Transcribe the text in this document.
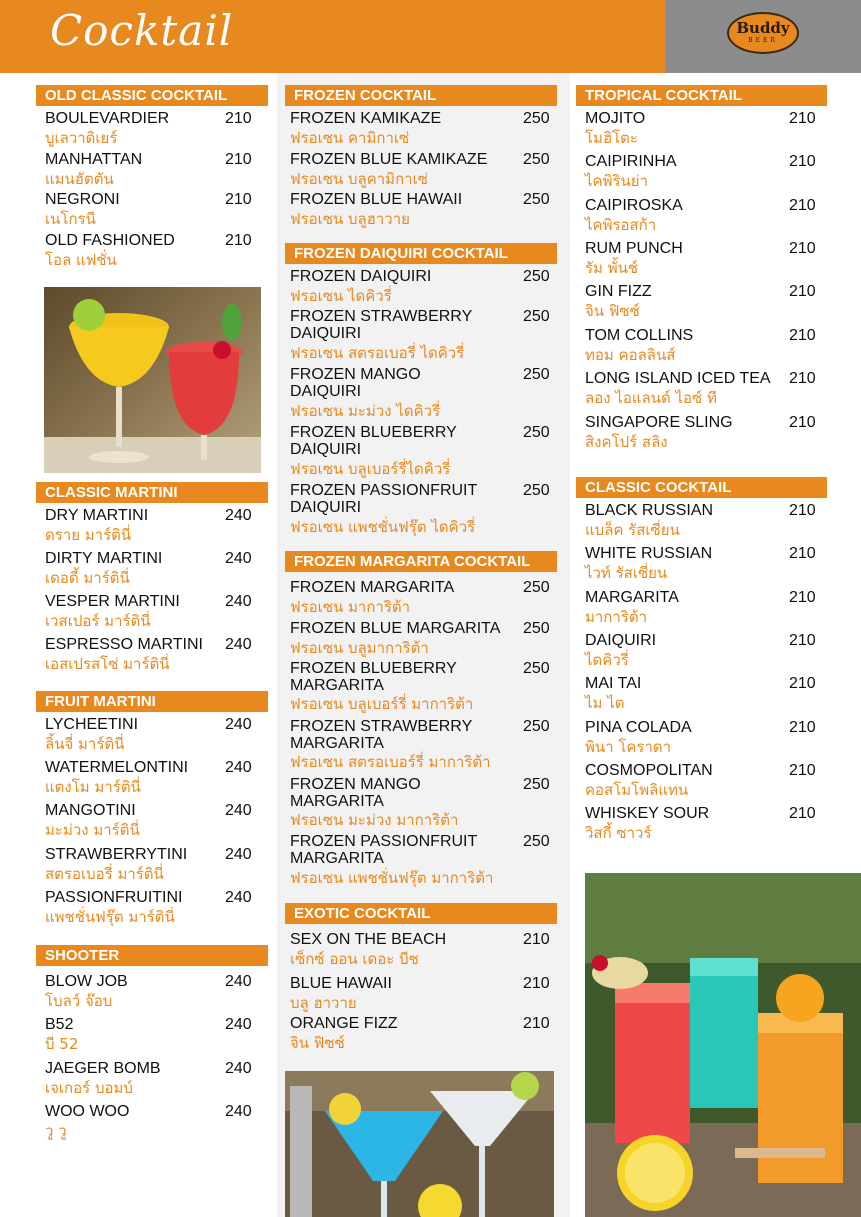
Cocktail	Buddy
BEER
OLD CLASSIC COCKTAIL
BOULEVARDIER	210
บูเลวาดิเยร์
MANHATTAN	210
แมนฮัตตัน
NEGRONI	210
เนโกรนี
OLD FASHIONED	210
โอล แฟชั่น
CLASSIC MARTINI
DRY MARTINI	240
ดราย มาร์ตินี่
DIRTY MARTINI	240
เดอตี้ มาร์ตินี่
VESPER MARTINI	240
เวสเปอร์ มาร์ตินี่
ESPRESSO MARTINI 240
เอสเปรสโซ่ มาร์ตินี่
FRUIT MARTINI
LYCHEETINI	240
ลิ้นจี่ มาร์ตินี่
WATERMELONTINI 240
แตงโม มาร์ตินี่
MANGOTINI	240
มะม่วง มาร์ตินี่
STRAWBERRYTINI 240
สตรอเบอรี่ มาร์ตินี่
PASSIONFRUITINI	240
แพชชั่นฟรุ๊ต มาร์ตินี่
SHOOTER
BLOW JOB	240
โบลว์ จ๊อบ
B52	240
บี 52
JAEGER BOMB	240
เจเกอร์ บอมบ์
WOO WOO	240
วู วู
FROZEN COCKTAIL
FROZEN KAMIKAZE	250
ฟรอเซน คามิกาเซ่
FROZEN BLUE KAMIKAZE 250
ฟรอเซน บลูคามิกาเซ่
FROZEN BLUE HAWAII	250
ฟรอเซน บลูฮาวาย
FROZEN DAIQUIRI COCKTAIL
FROZEN DAIQUIRI	250
ฟรอเซน ไดคิวรี่
FROZEN STRAWBERRY
DAIQUIRI
250
ฟรอเซน สตรอเบอรี่ ไดคิวรี่
FROZEN MANGO
DAIQUIRI
250
ฟรอเซน มะม่วง ไดคิวรี่
FROZEN BLUEBERRY
DAIQUIRI
250
ฟรอเซน บลูเบอร์รี่ไดคิวรี่
FROZEN PASSIONFRUIT
DAIQUIRI
250
ฟรอเซน แพชชั่นฟรุ๊ต ไดคิวรี่
FROZEN MARGARITA COCKTAIL
FROZEN MARGARITA	250
ฟรอเซน มาการิต้า
FROZEN BLUE MARGARITA 250
ฟรอเซน บลูมาการิต้า
FROZEN BLUEBERRY
MARGARITA
250
ฟรอเซน บลูเบอร์รี่ มาการิต้า
FROZEN STRAWBERRY
MARGARITA
250
ฟรอเซน สตรอเบอร์รี่ มาการิต้า
FROZEN MANGO
MARGARITA
250
ฟรอเซน มะม่วง มาการิต้า
FROZEN PASSIONFRUIT
MARGARITA
250
ฟรอเซน แพชชั่นฟรุ๊ต มาการิต้า
EXOTIC COCKTAIL
SEX ON THE BEACH	210
เซ็กซ์ ออน เดอะ บีช
BLUE HAWAII	210
บลู ฮาวาย
ORANGE FIZZ	210
จิน ฟิซซ์
TROPICAL COCKTAIL
MOJITO	210
โมฮิโตะ
CAIPIRINHA	210
ไคพิรินย่า
CAIPIROSKA	210
ไคพิรอสก้า
RUM PUNCH	210
รัม พั้นช์
GIN FIZZ	210
จิน ฟิซซ์
TOM COLLINS	210
ทอม คอลลินส์
LONG ISLAND ICED TEA 210
ลอง ไอแลนด์ ไอซ์ ที
SINGAPORE SLING	210
สิงคโปร์ สลิง
CLASSIC COCKTAIL
BLACK RUSSIAN	210
แบล็ค รัสเซี่ยน
WHITE RUSSIAN	210
ไวท์ รัสเซี่ยน
MARGARITA	210
มาการิต้า
DAIQUIRI	210
ไดคิวรี่
MAI TAI	210
ไม ไต
PINA COLADA	210
พินา โคราดา
COSMOPOLITAN	210
คอสโมโพลิแทน
WHISKEY SOUR	210
วิสกี้ ซาวร์
